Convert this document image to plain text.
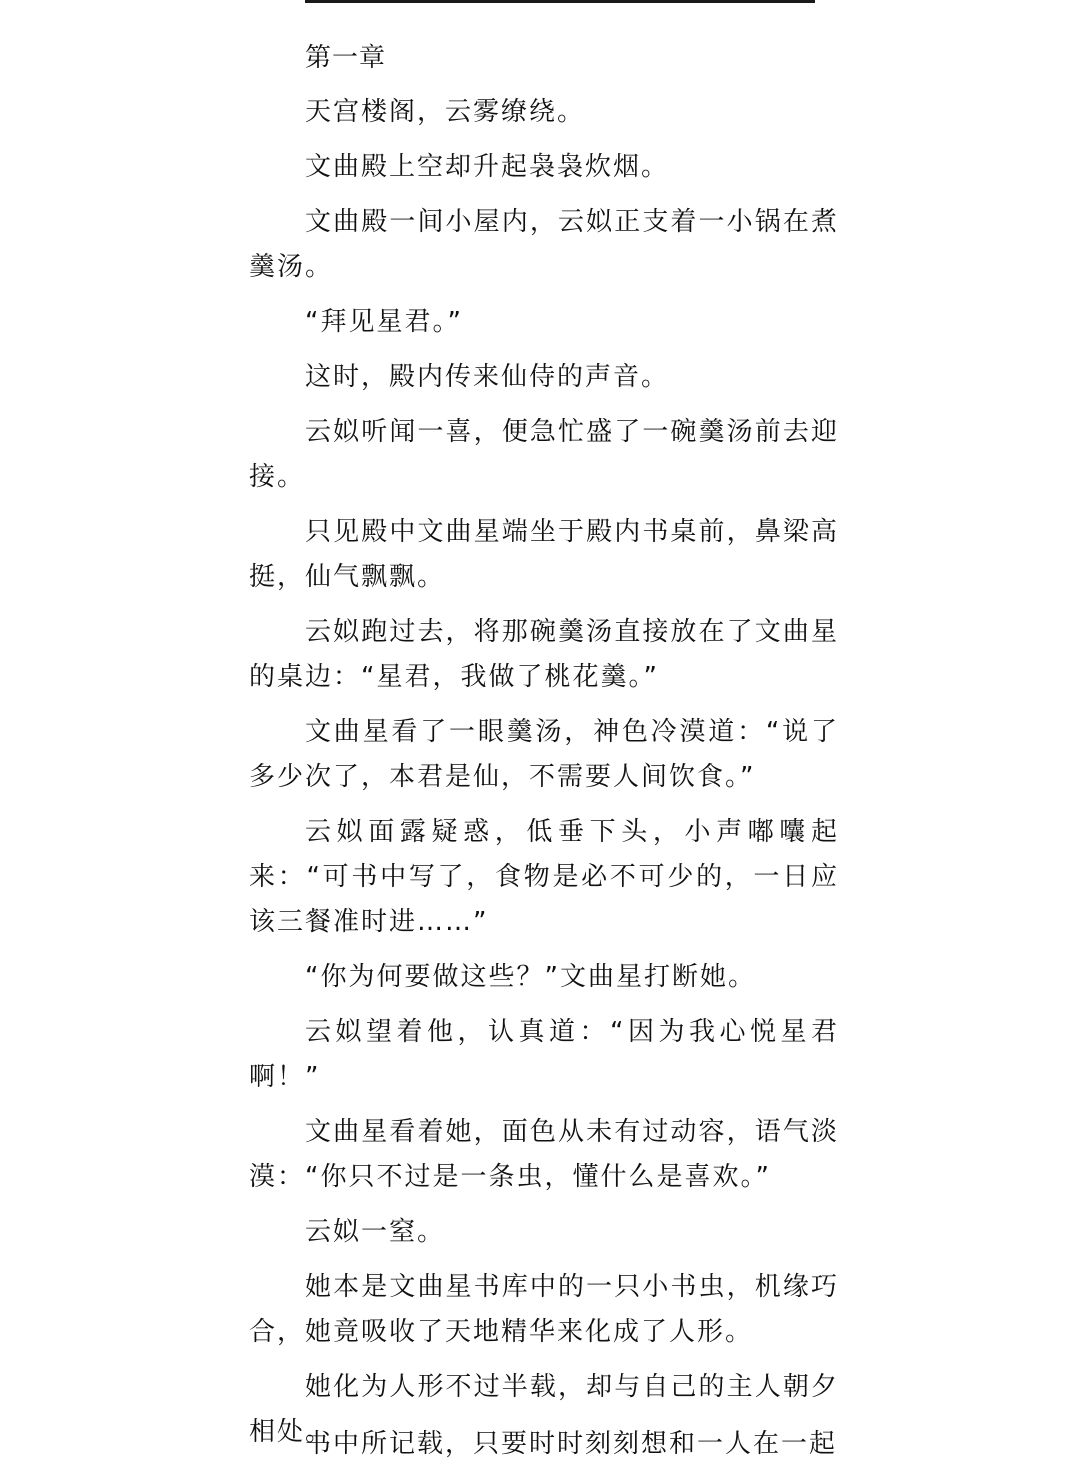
第一章

天宫楼阁，云雾缭绕。

文曲殿上空却升起袅袅炊烟。

文曲殿一间小屋内，云姒正支着一小锅在煮羹汤。

“拜见星君。”

这时，殿内传来仙侍的声音。

云姒听闻一喜，便急忙盛了一碗羹汤前去迎接。

只见殿中文曲星端坐于殿内书桌前，鼻梁高挺，仙气飘飘。

云姒跑过去，将那碗羹汤直接放在了文曲星的桌边：“星君，我做了桃花羹。”

文曲星看了一眼羹汤，神色冷漠道：“说了多少次了，本君是仙，不需要人间饮食。”

云姒面露疑惑，低垂下头，小声嘟囔起来：“可书中写了，食物是必不可少的，一日应该三餐准时进……”

“你为何要做这些？”文曲星打断她。

云姒望着他，认真道：“因为我心悦星君啊！”

文曲星看着她，面色从未有过动容，语气淡漠：“你只不过是一条虫，懂什么是喜欢。”

云姒一窒。

她本是文曲星书库中的一只小书虫，机缘巧合，她竟吸收了天地精华来化成了人形。

她化为人形不过半载，却与自己的主人朝夕相处。

书中所记载，只要时时刻刻想和一人在一起
